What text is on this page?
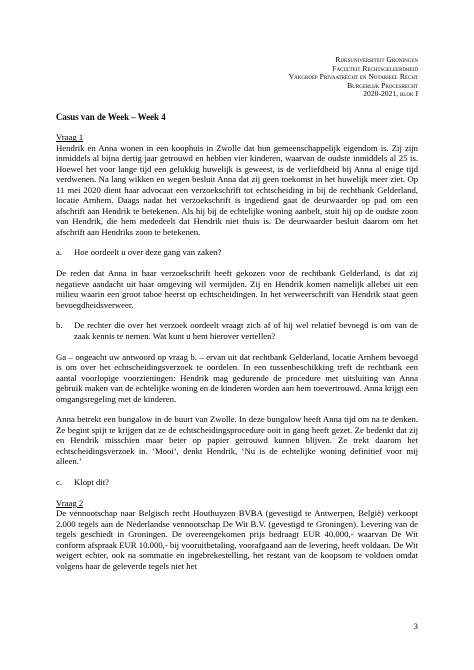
Rijksuniversiteit Groningen
Faculteit Rechtsgeleerdheid
Vakgroep Privaatrecht en Notarieel Recht
Burgerlijk Procesrecht
2020-2021, blok I

Casus van de Week – Week 4

Vraag 1

Hendrik en Anna wonen in een koophuis in Zwolle dat hun gemeenschappelijk eigendom is. Zij zijn inmiddels al bijna dertig jaar getrouwd en hebben vier kinderen, waarvan de oudste inmiddels al 25 is. Hoewel het voor lange tijd een gelukkig huwelijk is geweest, is de verliefdheid bij Anna al enige tijd verdwenen. Na lang wikken en wegen besluit Anna dat zij geen toekomst in het huwelijk meer ziet. Op 11 mei 2020 dient haar advocaat een verzoekschrift tot echtscheiding in bij de rechtbank Gelderland, locatie Arnhem. Daags nadat het verzoekschrift is ingediend gaat de deurwaarder op pad om een afschrift aan Hendrik te betekenen. Als hij bij de echtelijke woning aanbelt, stuit hij op de oudste zoon van Hendrik, die hem mededeelt dat Hendrik niet thuis is. De deurwaarder besluit daarom om het afschrift aan Hendriks zoon te betekenen.

a.	Hoe oordeelt u over deze gang van zaken?

De reden dat Anna in haar verzoekschrift heeft gekozen voor de rechtbank Gelderland, is dat zij negatieve aandacht uit haar omgeving wil vermijden. Zij en Hendrik komen namelijk allebei uit een milieu waarin een groot taboe heerst op echtscheidingen. In het verweerschrift van Hendrik staat geen bevoegdheidsverweer.

b.	De rechter die over het verzoek oordeelt vraagt zich af of hij wel relatief bevoegd is om van de zaak kennis te nemen. Wat kunt u hem hierover vertellen?

Ga – ongeacht uw antwoord op vraag b. – ervan uit dat rechtbank Gelderland, locatie Arnhem bevoegd is om over het echtscheidingsverzoek te oordelen. In een tussenbeschikking treft de rechtbank een aantal voorlopige voorzieningen: Hendrik mag gedurende de procedure met uitsluiting van Anna gebruik maken van de echtelijke woning en de kinderen worden aan hem toevertrouwd. Anna krijgt een omgangsregeling met de kinderen.

Anna betrekt een bungalow in de buurt van Zwolle. In deze bungalow heeft Anna tijd om na te denken. Ze begint spijt te krijgen dat ze de echtscheidingsprocedure ooit in gang heeft gezet. Ze bedenkt dat zij en Hendrik misschien maar beter op papier getrouwd kunnen blijven. Ze trekt daarom het echtscheidingsverzoek in. ‘Mooi’, denkt Hendrik, ‘Nu is de echtelijke woning definitief voor mij alleen.’

c.	Klopt dit?

Vraag 2

De vennootschap naar Belgisch recht Houthuyzen BVBA (gevestigd te Antwerpen, België) verkoopt 2.000 tegels aan de Nederlandse vennootschap De Wit B.V. (gevestigd te Groningen). Levering van de tegels geschiedt in Groningen. De overeengekomen prijs bedraagt EUR 40.000,- waarvan De Wit conform afspraak EUR 10.000,- bij vooruitbetaling, voorafgaand aan de levering, heeft voldaan. De Wit weigert echter, ook na sommatie en ingebrekestelling, het restant van de koopsom te voldoen omdat volgens haar de geleverde tegels niet het

3
